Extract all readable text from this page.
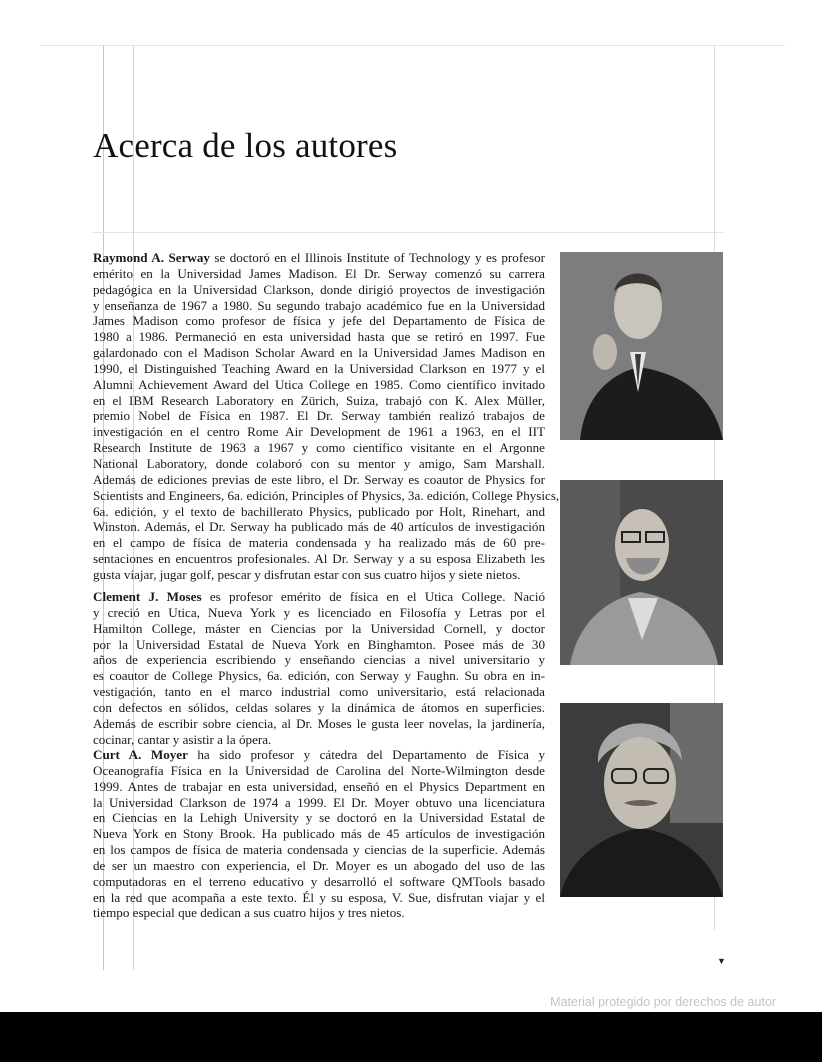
Acerca de los autores
Raymond A. Serway se doctoró en el Illinois Institute of Technology y es profesor
emérito en la Universidad James Madison. El Dr. Serway comenzó su carrera
pedagógica en la Universidad Clarkson, donde dirigió proyectos de investigación
y enseñanza de 1967 a 1980. Su segundo trabajo académico fue en la Universidad
James Madison como profesor de física y jefe del Departamento de Física de
1980 a 1986. Permaneció en esta universidad hasta que se retiró en 1997. Fue
galardonado con el Madison Scholar Award en la Universidad James Madison en
1990, el Distinguished Teaching Award en la Universidad Clarkson en 1977 y el
Alumni Achievement Award del Utica College en 1985. Como científico invitado
en el IBM Research Laboratory en Zürich, Suiza, trabajó con K. Alex Müller,
premio Nobel de Física en 1987. El Dr. Serway también realizó trabajos de
investigación en el centro Rome Air Development de 1961 a 1963, en el IIT
Research Institute de 1963 a 1967 y como científico visitante en el Argonne
National Laboratory, donde colaboró con su mentor y amigo, Sam Marshall.
Además de ediciones previas de este libro, el Dr. Serway es coautor de Physics for
Scientists and Engineers, 6a. edición, Principles of Physics, 3a. edición, College Physics,
6a. edición, y el texto de bachillerato Physics, publicado por Holt, Rinehart, and
Winston. Además, el Dr. Serway ha publicado más de 40 artículos de investigación
en el campo de física de materia condensada y ha realizado más de 60 pre-
sentaciones en encuentros profesionales. Al Dr. Serway y a su esposa Elizabeth les
gusta viajar, jugar golf, pescar y disfrutan estar con sus cuatro hijos y siete nietos.
Clement J. Moses es profesor emérito de física en el Utica College. Nació
y creció en Utica, Nueva York y es licenciado en Filosofía y Letras por el
Hamilton College, máster en Ciencias por la Universidad Cornell, y doctor
por la Universidad Estatal de Nueva York en Binghamton. Posee más de 30
años de experiencia escribiendo y enseñando ciencias a nivel universitario y
es coautor de College Physics, 6a. edición, con Serway y Faughn. Su obra en in-
vestigación, tanto en el marco industrial como universitario, está relacionada
con defectos en sólidos, celdas solares y la dinámica de átomos en superficies.
Además de escribir sobre ciencia, al Dr. Moses le gusta leer novelas, la jardinería,
cocinar, cantar y asistir a la ópera.
Curt A. Moyer ha sido profesor y cátedra del Departamento de Física y
Oceanografía Física en la Universidad de Carolina del Norte-Wilmington desde
1999. Antes de trabajar en esta universidad, enseñó en el Physics Department en
la Universidad Clarkson de 1974 a 1999. El Dr. Moyer obtuvo una licenciatura
en Ciencias en la Lehigh University y se doctoró en la Universidad Estatal de
Nueva York en Stony Brook. Ha publicado más de 45 artículos de investigación
en los campos de física de materia condensada y ciencias de la superficie. Además
de ser un maestro con experiencia, el Dr. Moyer es un abogado del uso de las
computadoras en el terreno educativo y desarrolló el software QMTools basado
en la red que acompaña a este texto. Él y su esposa, V. Sue, disfrutan viajar y el
tiempo especial que dedican a sus cuatro hijos y tres nietos.
▼
Material protegido por derechos de autor
